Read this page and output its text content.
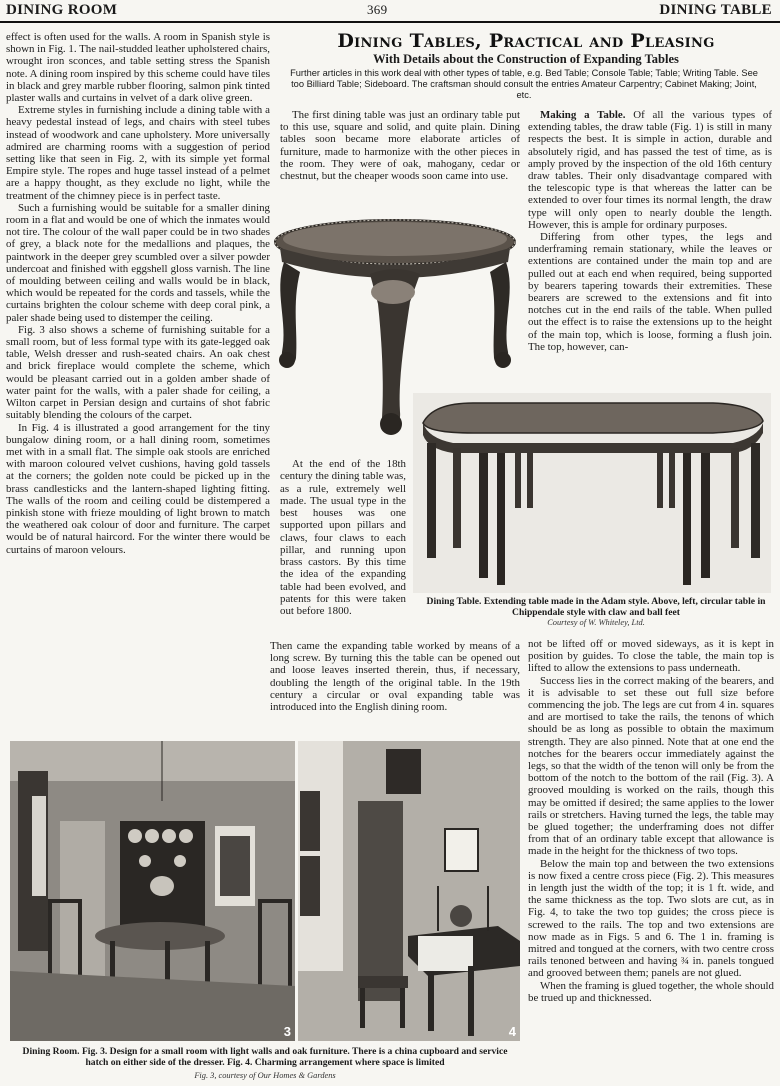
DINING ROOM	369	DINING TABLE

effect is often used for the walls. A room in Spanish style is shown in Fig. 1. The nail-studded leather upholstered chairs, wrought iron sconces, and table setting stress the Spanish note. A dining room inspired by this scheme could have tiles in black and grey marble rubber flooring, salmon pink tinted plaster walls and curtains in velvet of a dark olive green.

Extreme styles in furnishing include a dining table with a heavy pedestal instead of legs, and chairs with steel tubes instead of woodwork and cane upholstery. More universally admired are charming rooms with a suggestion of period setting like that seen in Fig. 2, with its simple yet formal Empire style. The ropes and huge tassel instead of a pelmet are a happy thought, as they exclude no light, while the treatment of the chimney piece is in perfect taste.

Such a furnishing would be suitable for a smaller dining room in a flat and would be one of which the inmates would not tire. The colour of the wall paper could be in two shades of grey, a black note for the medallions and plaques, the paintwork in the deeper grey scumbled over a silver powder undercoat and finished with eggshell gloss varnish. The line of moulding between ceiling and walls would be in black, which would be repeated for the cords and tassels, while the curtains brighten the colour scheme with deep coral pink, a paler shade being used to distemper the ceiling.

Fig. 3 also shows a scheme of furnishing suitable for a small room, but of less formal type with its gate-legged oak table, Welsh dresser and rush-seated chairs. An oak chest and brick fireplace would complete the scheme, which would be pleasant carried out in a golden amber shade of water paint for the walls, with a paler shade for ceiling, a Wilton carpet in Persian design and curtains of shot fabric suitably blending the colours of the carpet.

In Fig. 4 is illustrated a good arrangement for the tiny bungalow dining room, or a hall dining room, sometimes met with in a small flat. The simple oak stools are enriched with maroon coloured velvet cushions, having gold tassels at the corners; the golden note could be picked up in the brass candlesticks and the lantern-shaped lighting fitting. The walls of the room and ceiling could be distempered a pinkish stone with frieze moulding of light brown to match the weathered oak colour of door and furniture. The carpet would be of natural haircord. For the winter there would be curtains of maroon velours.

Dining Tables, Practical and Pleasing
With Details about the Construction of Expanding Tables
Further articles in this work deal with other types of table, e.g. Bed Table; Console Table; Table; Writing Table. See too Billiard Table; Sideboard. The craftsman should consult the entries Amateur Carpentry; Cabinet Making; Joint, etc.

The first dining table was just an ordinary table put to this use, square and solid, and quite plain. Dining tables soon became more elaborate articles of furniture, made to harmonize with the other pieces in the room. They were of oak, mahogany, cedar or chestnut, but the cheaper woods soon came into use.

Making a Table. Of all the various types of extending tables, the draw table (Fig. 1) is still in many respects the best. It is simple in action, durable and absolutely rigid, and has passed the test of time, as is amply proved by the inspection of the old 16th century draw tables. Their only disadvantage compared with the telescopic type is that whereas the latter can be extended to over four times its normal length, the draw type will only open to nearly double the length. However, this is ample for ordinary purposes.

Differing from other types, the legs and underframing remain stationary, while the leaves or extentions are contained under the main top and are pulled out at each end when required, being supported by bearers tapering towards their extremities. These bearers are screwed to the extensions and fit into notches cut in the end rails of the table. When pulled out the effect is to raise the extensions up to the height of the main top, which is loose, forming a flush join. The top, however, can-

At the end of the 18th century the dining table was, as a rule, extremely well made. The usual type in the best houses was one supported upon pillars and claws, four claws to each pillar, and running upon brass castors. By this time the idea of the expanding table had been evolved, and patents for this were taken out before 1800.

Then came the expanding table worked by means of a long screw. By turning this the table can be opened out and loose leaves inserted therein, thus, if necessary, doubling the length of the original table. In the 19th century a circular or oval expanding table was introduced into the English dining room.

Dining Table. Extending table made in the Adam style. Above, left, circular table in Chippendale style with claw and ball feet
Courtesy of W. Whiteley, Ltd.

not be lifted off or moved sideways, as it is kept in position by guides. To close the table, the main top is lifted to allow the extensions to pass underneath.

Success lies in the correct making of the bearers, and it is advisable to set these out full size before commencing the job. The legs are cut from 4 in. squares and are mortised to take the rails, the tenons of which should be as long as possible to obtain the maximum strength. They are also pinned. Note that at one end the notches for the bearers occur immediately against the legs, so that the width of the tenon will only be from the bottom of the notch to the bottom of the rail (Fig. 3). A grooved moulding is worked on the rails, though this may be omitted if desired; the same applies to the lower rails or stretchers. Having turned the legs, the table may be glued together; the underframing does not differ from that of an ordinary table except that allowance is made in the height for the thickness of two tops.

Below the main top and between the two extensions is now fixed a centre cross piece (Fig. 2). This measures in length just the width of the top; it is 1 ft. wide, and the same thickness as the top. Two slots are cut, as in Fig. 4, to take the two top guides; the cross piece is screwed to the rails. The top and two extensions are now made as in Figs. 5 and 6. The 1 in. framing is mitred and tongued at the corners, with two centre cross rails tenoned between and having ¾ in. panels tongued and grooved between them; panels are not glued.

When the framing is glued together, the whole should be trued up and thicknessed.

3	4
Dining Room. Fig. 3. Design for a small room with light walls and oak furniture. There is a china cupboard and service hatch on either side of the dresser. Fig. 4. Charming arrangement where space is limited
Fig. 3, courtesy of Our Homes & Gardens
